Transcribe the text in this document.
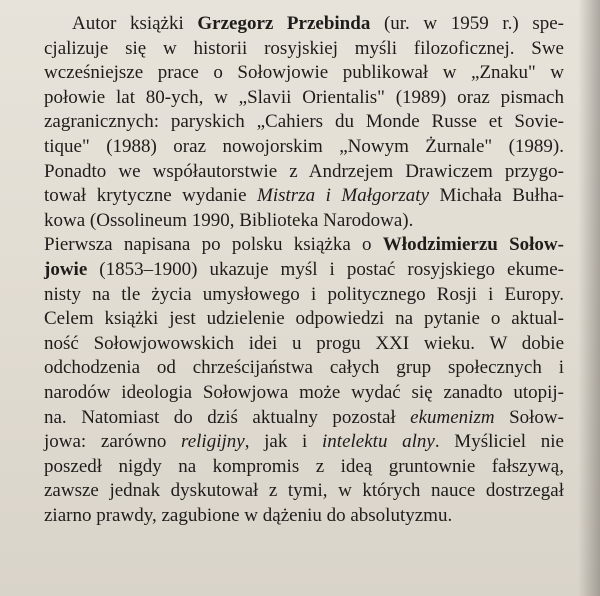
Autor książki Grzegorz Przebinda (ur. w 1959 r.) spe-
cjalizuje się w historii rosyjskiej myśli filozoficznej. Swe
wcześniejsze prace o Sołowjowie publikował w „Znaku" w
połowie lat 80-ych, w „Slavii Orientalis" (1989) oraz pismach
zagranicznych: paryskich „Cahiers du Monde Russe et Sovie-
tique" (1988) oraz nowojorskim „Nowym Żurnale" (1989).
Ponadto we współautorstwie z Andrzejem Drawiczem przygo-
tował krytyczne wydanie Mistrza i Małgorzaty Michała Bułha-
kowa (Ossolineum 1990, Biblioteka Narodowa).
Pierwsza napisana po polsku książka o Włodzimierzu Sołow-
jowie (1853–1900) ukazuje myśl i postać rosyjskiego ekume-
nisty na tle życia umysłowego i politycznego Rosji i Europy.
Celem książki jest udzielenie odpowiedzi na pytanie o aktual-
ność Sołowjowowskich idei u progu XXI wieku. W dobie
odchodzenia od chrześcijaństwa całych grup społecznych i
narodów ideologia Sołowjowa może wydać się zanadto utopij-
na. Natomiast do dziś aktualny pozostał ekumenizm Sołow-
jowa: zarówno religijny, jak i intelektu alny. Myśliciel nie
poszedł nigdy na kompromis z ideą gruntownie fałszywą,
zawsze jednak dyskutował z tymi, w których nauce dostrzegał
ziarno prawdy, zagubione w dążeniu do absolutyzmu.
